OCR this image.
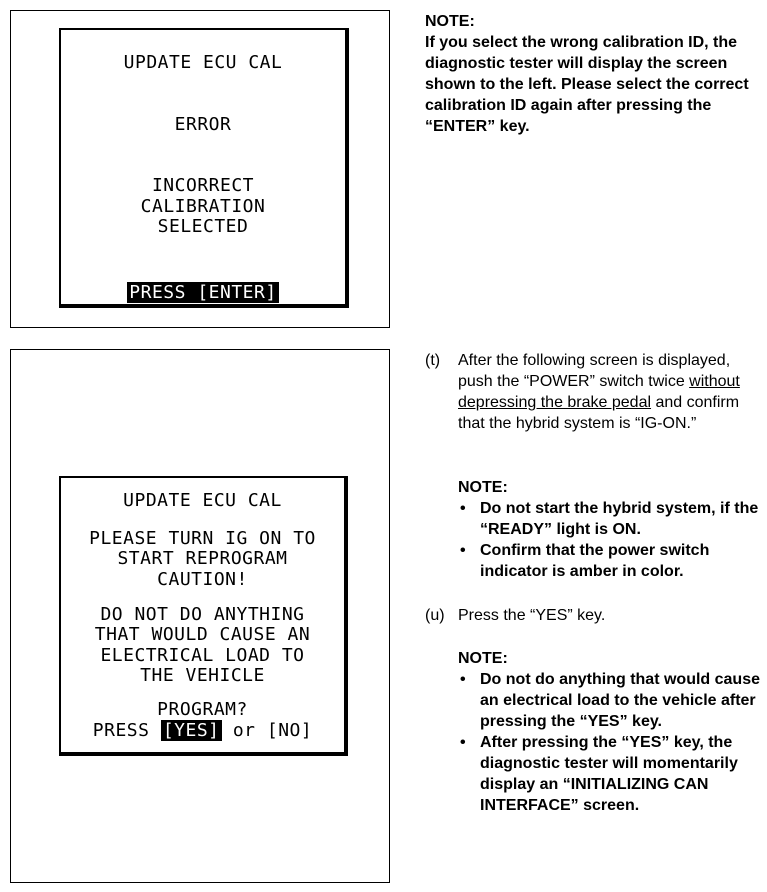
UPDATE ECU CAL
ERROR
INCORRECT
CALIBRATION
SELECTED
PRESS [ENTER]
NOTE:
If you select the wrong calibration ID, the diagnostic tester will display the screen shown to the left. Please select the correct calibration ID again after pressing the “ENTER” key.
UPDATE ECU CAL
PLEASE TURN IG ON TO
START REPROGRAM
CAUTION!
DO NOT DO ANYTHING
THAT WOULD CAUSE AN
ELECTRICAL LOAD TO
THE VEHICLE
PROGRAM?
PRESS [YES] or [NO]
(t) After the following screen is displayed, push the “POWER” switch twice without depressing the brake pedal and confirm that the hybrid system is “IG-ON.”
NOTE:
• Do not start the hybrid system, if the “READY” light is ON.
• Confirm that the power switch indicator is amber in color.
(u) Press the “YES” key.
NOTE:
• Do not do anything that would cause an electrical load to the vehicle after pressing the “YES” key.
• After pressing the “YES” key, the diagnostic tester will momentarily display an “INITIALIZING CAN INTERFACE” screen.
